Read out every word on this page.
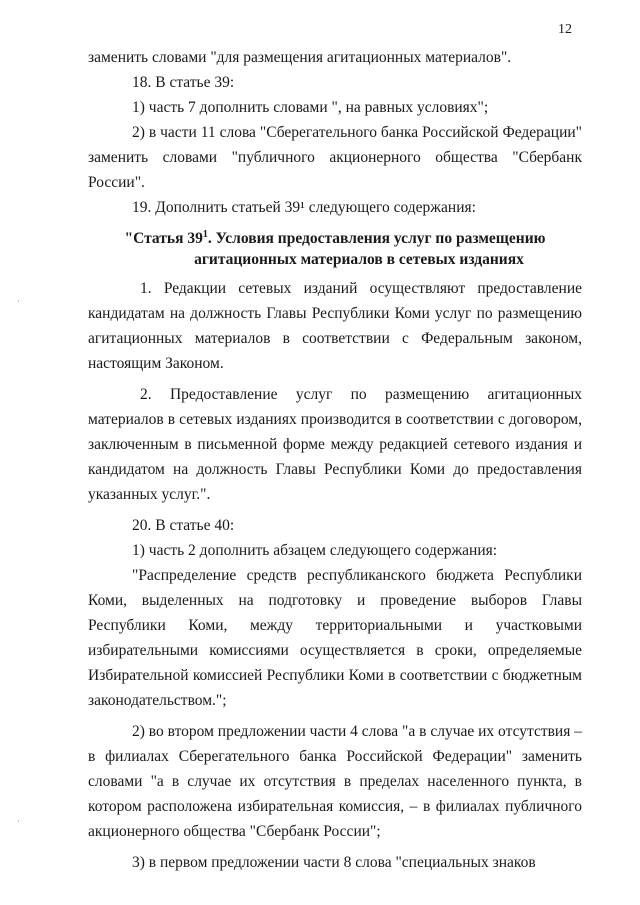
12

заменить словами "для размещения агитационных материалов".

18. В статье 39:

1) часть 7 дополнить словами ", на равных условиях";

2) в части 11 слова "Сберегательного банка Российской Федерации" заменить словами "публичного акционерного общества "Сбербанк России".

19. Дополнить статьей 39¹ следующего содержания:

"Статья $39^1$. Условия предоставления услуг по размещению
агитационных материалов в сетевых изданиях

1. Редакции сетевых изданий осуществляют предоставление кандидатам на должность Главы Республики Коми услуг по размещению агитационных материалов в соответствии с Федеральным законом, настоящим Законом.

2. Предоставление услуг по размещению агитационных материалов в сетевых изданиях производится в соответствии с договором, заключенным в письменной форме между редакцией сетевого издания и кандидатом на должность Главы Республики Коми до предоставления указанных услуг.".

20. В статье 40:

1) часть 2 дополнить абзацем следующего содержания:

"Распределение средств республиканского бюджета Республики Коми, выделенных на подготовку и проведение выборов Главы Республики Коми, между территориальными и участковыми избирательными комиссиями осуществляется в сроки, определяемые Избирательной комиссией Республики Коми в соответствии с бюджетным законодательством.";

2) во втором предложении части 4 слова "а в случае их отсутствия – в филиалах Сберегательного банка Российской Федерации" заменить словами "а в случае их отсутствия в пределах населенного пункта, в котором расположена избирательная комиссия, – в филиалах публичного акционерного общества "Сбербанк России";

3) в первом предложении части 8 слова "специальных знаков
